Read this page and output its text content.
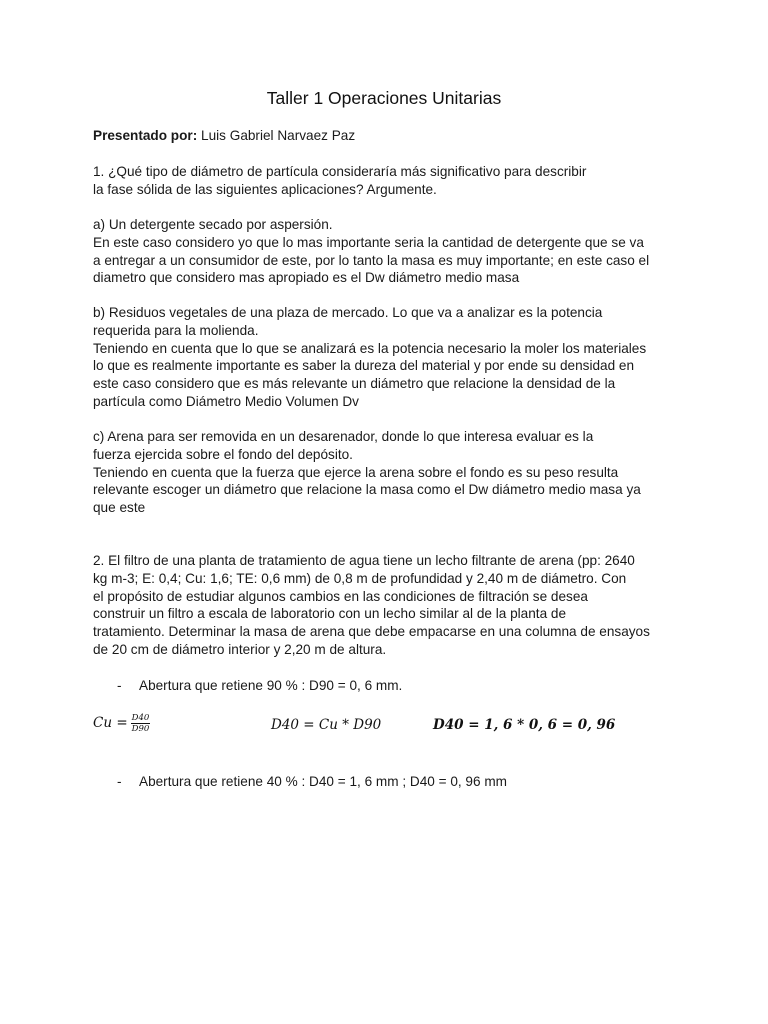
Taller 1 Operaciones Unitarias
Presentado por: Luis Gabriel Narvaez Paz
1. ¿Qué tipo de diámetro de partícula consideraría más significativo para describir
la fase sólida de las siguientes aplicaciones? Argumente.
a) Un detergente secado por aspersión.
En este caso considero yo que lo mas importante seria la cantidad de detergente que se va
a entregar a un consumidor de este, por lo tanto la masa es muy importante; en este caso el
diametro que considero mas apropiado es el Dw diámetro medio masa
b) Residuos vegetales de una plaza de mercado. Lo que va a analizar es la potencia
requerida para la molienda.
Teniendo en cuenta que lo que se analizará es la potencia necesario la moler los materiales
lo que es realmente importante es saber la dureza del material y por ende su densidad en
este caso considero que es más relevante un diámetro que relacione la densidad de la
partícula como Diámetro Medio Volumen Dv
c) Arena para ser removida en un desarenador, donde lo que interesa evaluar es la
fuerza ejercida sobre el fondo del depósito.
Teniendo en cuenta que la fuerza que ejerce la arena sobre el fondo es su peso resulta
relevante escoger un diámetro que relacione la masa como el Dw diámetro medio masa ya
que este
2. El filtro de una planta de tratamiento de agua tiene un lecho filtrante de arena (pp: 2640
kg m-3; E: 0,4; Cu: 1,6; TE: 0,6 mm) de 0,8 m de profundidad y 2,40 m de diámetro. Con
el propósito de estudiar algunos cambios en las condiciones de filtración se desea
construir un filtro a escala de laboratorio con un lecho similar al de la planta de
tratamiento. Determinar la masa de arena que debe empacarse en una columna de ensayos
de 20 cm de diámetro interior y 2,20 m de altura.
- Abertura que retiene 90 % : D90 = 0, 6 mm.
$Cu = \frac{D40}{D90}$	D40 = Cu * D90	D40 = 1, 6 * 0, 6 = 0, 96
- Abertura que retiene 40 % : D40 = 1, 6 mm ; D40 = 0, 96 mm
